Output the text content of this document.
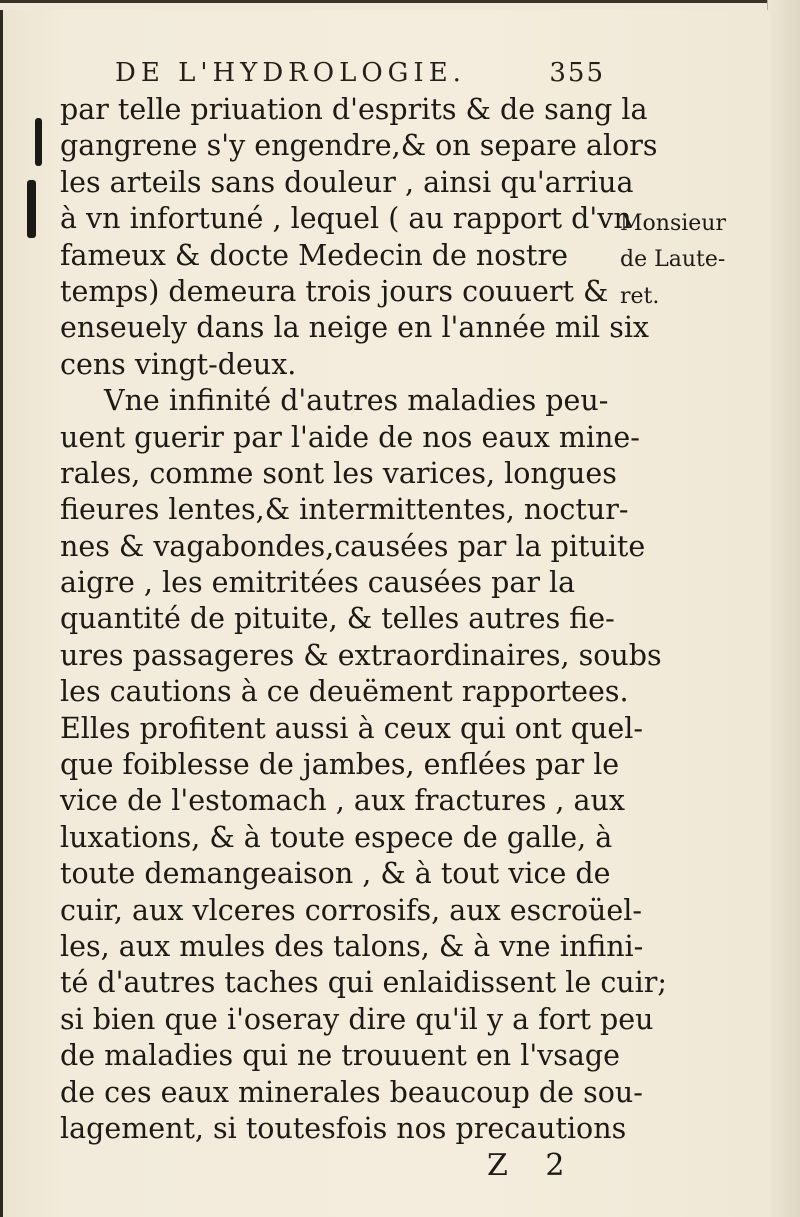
DE L'HYDROLOGIE.	355
par telle priuation d'esprits & de sang la
gangrene s'y engendre,& on separe alors
les arteils sans douleur , ainsi qu'arriua
à vn infortuné , lequel ( au rapport d'vn
fameux & docte Medecin de nostre
temps) demeura trois jours couuert &
enseuely dans la neige en l'année mil six
cens vingt-deux.
Vne infinité d'autres maladies peu-
uent guerir par l'aide de nos eaux mine-
rales, comme sont les varices, longues
fieures lentes,& intermittentes, noctur-
nes & vagabondes,causées par la pituite
aigre , les emitritées causées par la
quantité de pituite, & telles autres fie-
ures passageres & extraordinaires, soubs
les cautions à ce deuëment rapportees.
Elles profitent aussi à ceux qui ont quel-
que foiblesse de jambes, enflées par le
vice de l'estomach , aux fractures , aux
luxations, & à toute espece de galle, à
toute demangeaison , & à tout vice de
cuir, aux vlceres corrosifs, aux escroüel-
les, aux mules des talons, & à vne infini-
té d'autres taches qui enlaidissent le cuir;
si bien que i'oseray dire qu'il y a fort peu
de maladies qui ne trouuent en l'vsage
de ces eaux minerales beaucoup de sou-
lagement, si toutesfois nos precautions
Monsieur
de Laute-
ret.
Z 2
